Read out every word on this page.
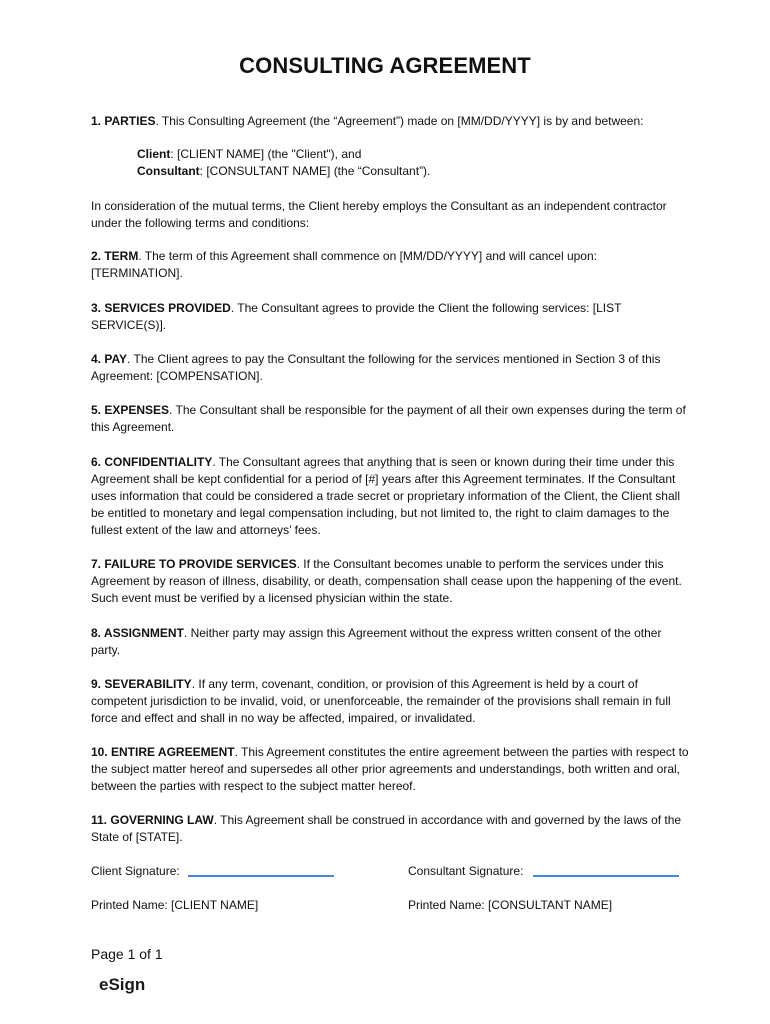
CONSULTING AGREEMENT
1. PARTIES. This Consulting Agreement (the “Agreement”) made on [MM/DD/YYYY] is by and between:
Client: [CLIENT NAME] (the "Client"), and
Consultant: [CONSULTANT NAME] (the “Consultant”).
In consideration of the mutual terms, the Client hereby employs the Consultant as an independent contractor under the following terms and conditions:
2. TERM. The term of this Agreement shall commence on [MM/DD/YYYY] and will cancel upon: [TERMINATION].
3. SERVICES PROVIDED. The Consultant agrees to provide the Client the following services: [LIST SERVICE(S)].
4. PAY. The Client agrees to pay the Consultant the following for the services mentioned in Section 3 of this Agreement: [COMPENSATION].
5. EXPENSES. The Consultant shall be responsible for the payment of all their own expenses during the term of this Agreement.
6. CONFIDENTIALITY. The Consultant agrees that anything that is seen or known during their time under this Agreement shall be kept confidential for a period of [#] years after this Agreement terminates. If the Consultant uses information that could be considered a trade secret or proprietary information of the Client, the Client shall be entitled to monetary and legal compensation including, but not limited to, the right to claim damages to the fullest extent of the law and attorneys’ fees.
7. FAILURE TO PROVIDE SERVICES. If the Consultant becomes unable to perform the services under this Agreement by reason of illness, disability, or death, compensation shall cease upon the happening of the event. Such event must be verified by a licensed physician within the state.
8. ASSIGNMENT. Neither party may assign this Agreement without the express written consent of the other party.
9. SEVERABILITY. If any term, covenant, condition, or provision of this Agreement is held by a court of competent jurisdiction to be invalid, void, or unenforceable, the remainder of the provisions shall remain in full force and effect and shall in no way be affected, impaired, or invalidated.
10. ENTIRE AGREEMENT. This Agreement constitutes the entire agreement between the parties with respect to the subject matter hereof and supersedes all other prior agreements and understandings, both written and oral, between the parties with respect to the subject matter hereof.
11. GOVERNING LAW. This Agreement shall be construed in accordance with and governed by the laws of the State of [STATE].
Client Signature:	Consultant Signature:
Printed Name: [CLIENT NAME]	Printed Name: [CONSULTANT NAME]
Page 1 of 1
eSign
